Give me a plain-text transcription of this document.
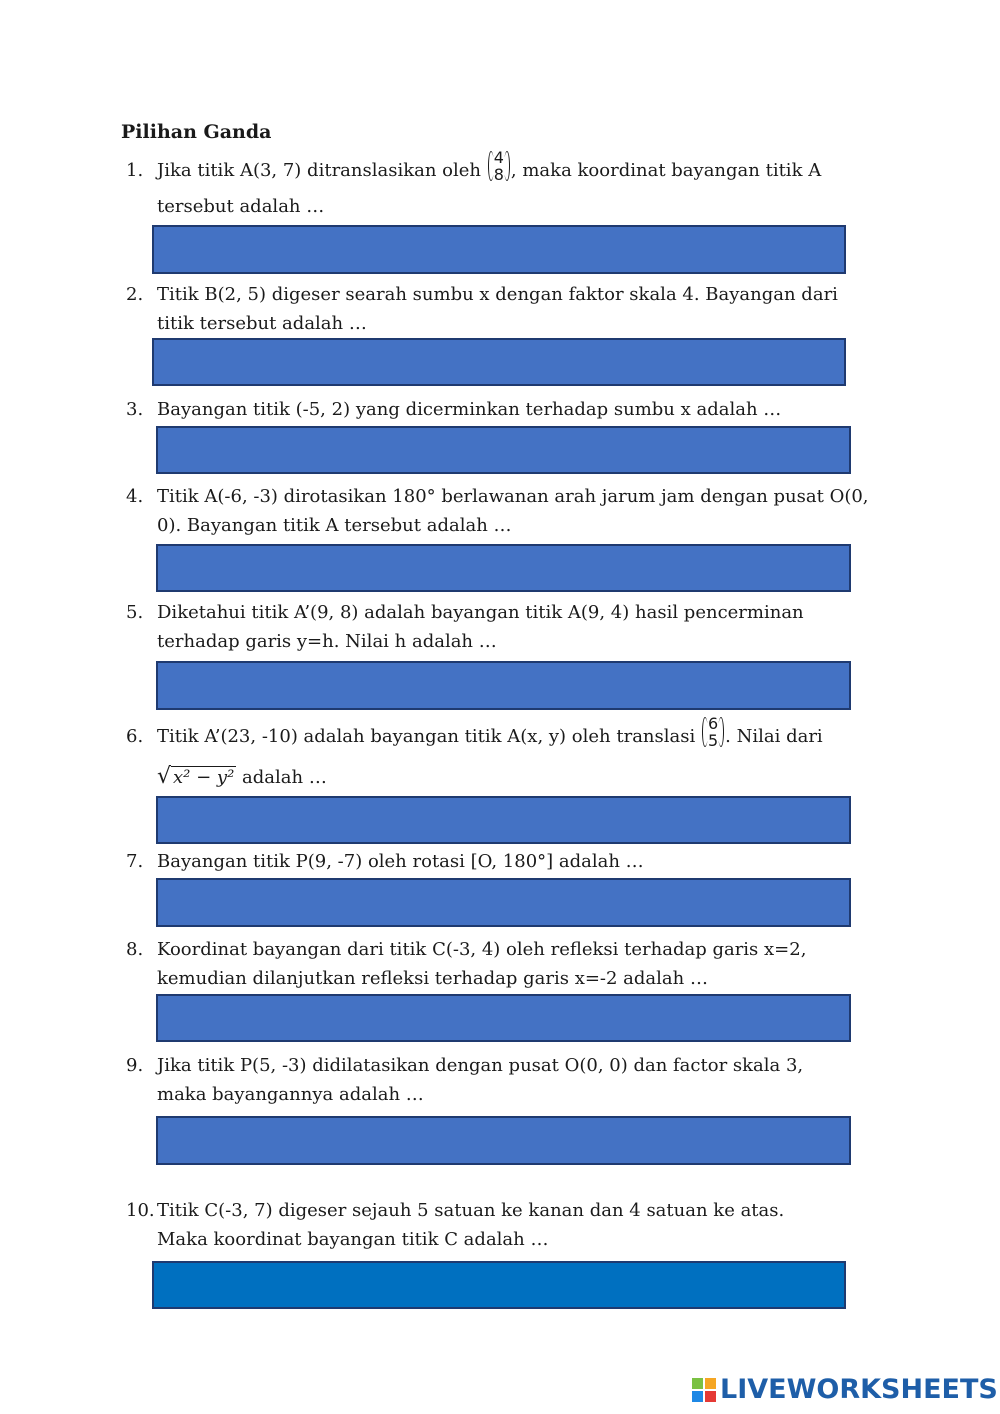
Pilihan Ganda
1. Jika titik A(3, 7) ditranslasikan oleh
4
8 , maka koordinat bayangan titik A
tersebut adalah …
2. Titik B(2, 5) digeser searah sumbu x dengan faktor skala 4. Bayangan dari titik tersebut adalah …
3. Bayangan titik (-5, 2) yang dicerminkan terhadap sumbu x adalah …
4. Titik A(-6, -3) dirotasikan 180° berlawanan arah jarum jam dengan pusat O(0, 0). Bayangan titik A tersebut adalah …
5. Diketahui titik A’(9, 8) adalah bayangan titik A(9, 4) hasil pencerminan terhadap garis y=h. Nilai h adalah …
6. Titik A’(23, -10) adalah bayangan titik A(x, y) oleh translasi
6
5 . Nilai dari
√ x² − y² adalah …
7. Bayangan titik P(9, -7) oleh rotasi [O, 180°] adalah …
8. Koordinat bayangan dari titik C(-3, 4) oleh refleksi terhadap garis x=2, kemudian dilanjutkan refleksi terhadap garis x=-2 adalah …
9. Jika titik P(5, -3) didilatasikan dengan pusat O(0, 0) dan factor skala 3, maka bayangannya adalah …
10. Titik C(-3, 7) digeser sejauh 5 satuan ke kanan dan 4 satuan ke atas. Maka koordinat bayangan titik C adalah …
LIVEWORKSHEETS
